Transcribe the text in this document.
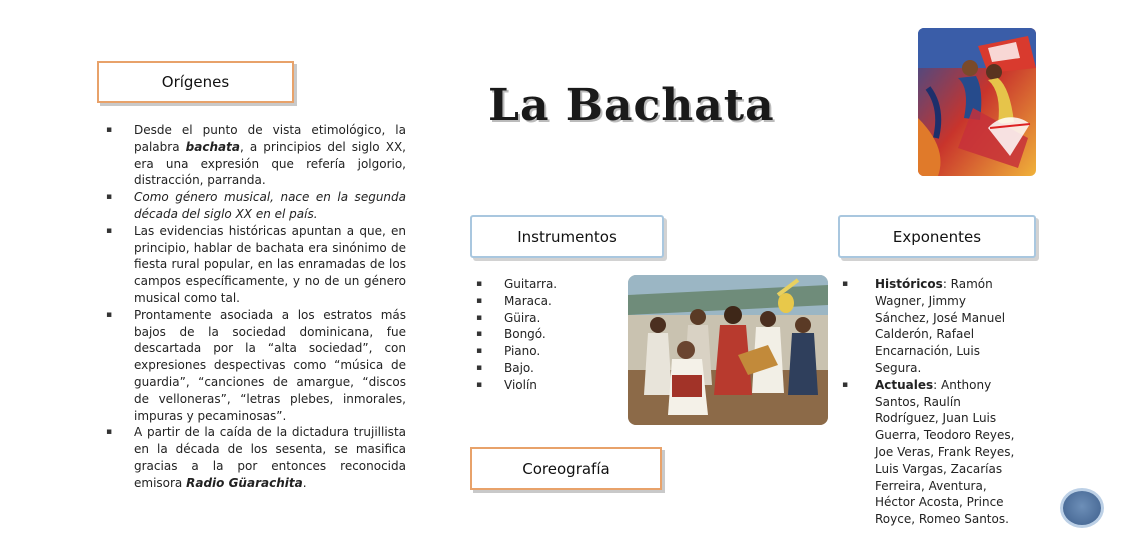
Orígenes
▪ Desde el punto de vista etimológico, la palabra bachata, a principios del siglo XX, era una expresión que refería jolgorio, distracción, parranda.
▪ Como género musical, nace en la segunda década del siglo XX en el país.
▪ Las evidencias históricas apuntan a que, en principio, hablar de bachata era sinónimo de fiesta rural popular, en las enramadas de los campos específicamente, y no de un género musical como tal.
▪ Prontamente asociada a los estratos más bajos de la sociedad dominicana, fue descartada por la “alta sociedad”, con expresiones despectivas como “música de guardia”, “canciones de amargue, “discos de velloneras”, “letras plebes, inmorales, impuras y pecaminosas”.
▪ A partir de la caída de la dictadura trujillista en la década de los sesenta, se masifica gracias a la por entonces reconocida emisora Radio Güarachita.
La Bachata
Instrumentos	Exponentes
▪ Guitarra.
▪ Maraca.
▪ Güira.
▪ Bongó.
▪ Piano.
▪ Bajo.
▪ Violín
▪ Históricos: Ramón Wagner, Jimmy Sánchez, José Manuel Calderón, Rafael Encarnación, Luis Segura.
▪ Actuales: Anthony Santos, Raulín Rodríguez, Juan Luis Guerra, Teodoro Reyes, Joe Veras, Frank Reyes, Luis Vargas, Zacarías Ferreira, Aventura, Héctor Acosta, Prince Royce, Romeo Santos.
Coreografía
